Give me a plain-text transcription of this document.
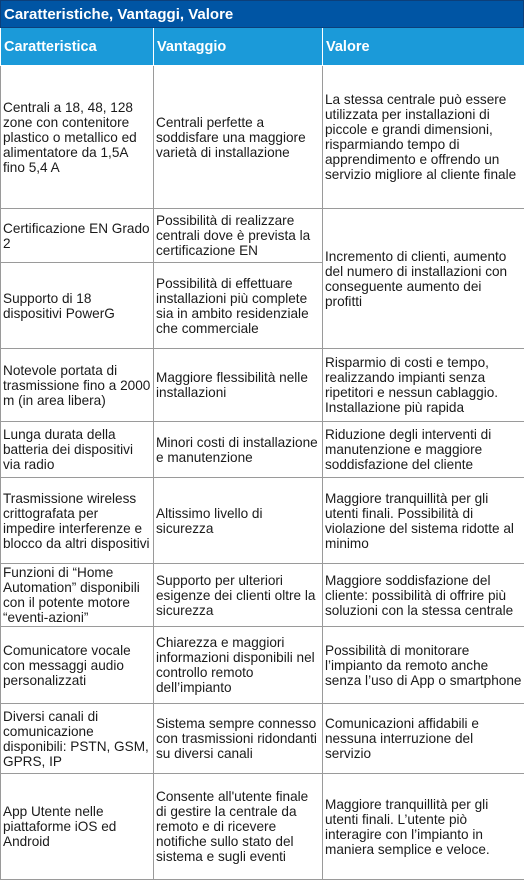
Caratteristiche, Vantaggi, Valore
Caratteristica	Vantaggio	Valore
Centrali a 18, 48, 128 zone con contenitore plastico o metallico ed alimentatore da 1,5A fino 5,4 A	Centrali perfette a soddisfare una maggiore varietà di installazione	La stessa centrale può essere utilizzata per installazioni di piccole e grandi dimensioni, risparmiando tempo di apprendimento e offrendo un servizio migliore al cliente finale
Certificazione EN Grado 2	Possibilità di realizzare centrali dove è prevista la certificazione EN	Incremento di clienti, aumento del numero di installazioni con conseguente aumento dei profitti
Supporto di 18 dispositivi PowerG	Possibilità di effettuare installazioni più complete sia in ambito residenziale che commerciale	
Notevole portata di trasmissione fino a 2000 m (in area libera)	Maggiore flessibilità nelle installazioni	Risparmio di costi e tempo, realizzando impianti senza ripetitori e nessun cablaggio. Installazione più rapida
Lunga durata della batteria dei dispositivi via radio	Minori costi di installazione e manutenzione	Riduzione degli interventi di manutenzione e maggiore soddisfazione del cliente
Trasmissione wireless crittografata per impedire interferenze e blocco da altri dispositivi	Altissimo livello di sicurezza	Maggiore tranquillità per gli utenti finali. Possibilità di violazione del sistema ridotte al minimo
Funzioni di “Home Automation” disponibili con il potente motore “eventi-azioni”	Supporto per ulteriori esigenze dei clienti oltre la sicurezza	Maggiore soddisfazione del cliente: possibilità di offrire più soluzioni con la stessa centrale
Comunicatore vocale con messaggi audio personalizzati	Chiarezza e maggiori informazioni disponibili nel controllo remoto dell’impianto	Possibilità di monitorare l’impianto da remoto anche senza l’uso di App o smartphone
Diversi canali di comunicazione disponibili: PSTN, GSM, GPRS, IP	Sistema sempre connesso con trasmissioni ridondanti su diversi canali	Comunicazioni affidabili e nessuna interruzione del servizio
App Utente nelle piattaforme iOS ed Android	Consente all'utente finale di gestire la centrale da remoto e di ricevere notifiche sullo stato del sistema e sugli eventi	Maggiore tranquillità per gli utenti finali. L’utente piò interagire con l’impianto in maniera semplice e veloce.
